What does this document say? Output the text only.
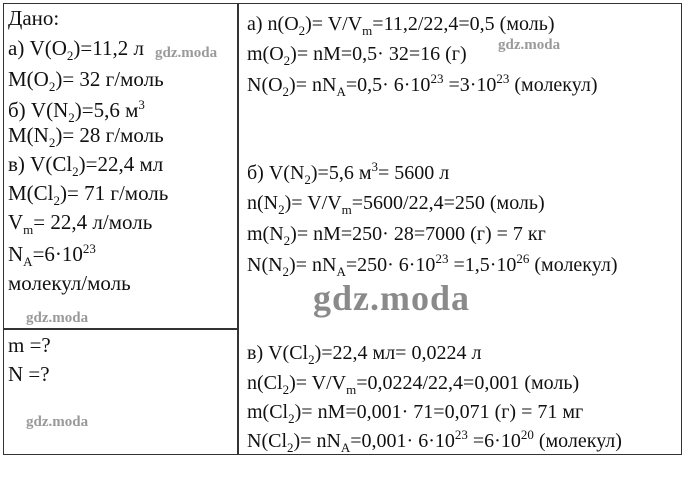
Дано:
а) $V(O_2)=11,2$ л
$M(O_2)= 32$ г/моль
б) $V(N_2)=5,6$ $м^3$
$M(N_2)= 28$ г/моль
в) $V(Cl_2)=22,4$ мл
$M(Cl_2)= 71$ г/моль
$V_m= 22,4$ л/моль
$N_A=6\cdot 10^{23}$
молекул/моль
m =?
N =?
а) $n(O_2)= V/V_m=11,2/22,4=0,5$ (моль)
$m(O_2)= nM=0,5\cdot 32=16$ (г)
$N(O_2)= nN_A=0,5\cdot 6\cdot 10^{23} =3\cdot 10^{23}$ (молекул)
б) $V(N_2)=5,6$ $м^3= 5600$ л
$n(N_2)= V/V_m=5600/22,4=250$ (моль)
$m(N_2)= nM=250\cdot 28=7000$ (г) = 7 кг
$N(N_2)= nN_A=250\cdot 6\cdot 10^{23} =1,5\cdot 10^{26}$ (молекул)
в) $V(Cl_2)=22,4$ мл= 0,0224 л
$n(Cl_2)= V/V_m=0,0224/22,4=0,001$ (моль)
$m(Cl_2)= nM=0,001\cdot 71=0,071$ (г) = 71 мг
$N(Cl_2)= nN_A=0,001\cdot 6\cdot 10^{23} =6\cdot 10^{20}$ (молекул)
gdz.moda
gdz.moda
gdz.moda
gdz.moda
gdz.moda
